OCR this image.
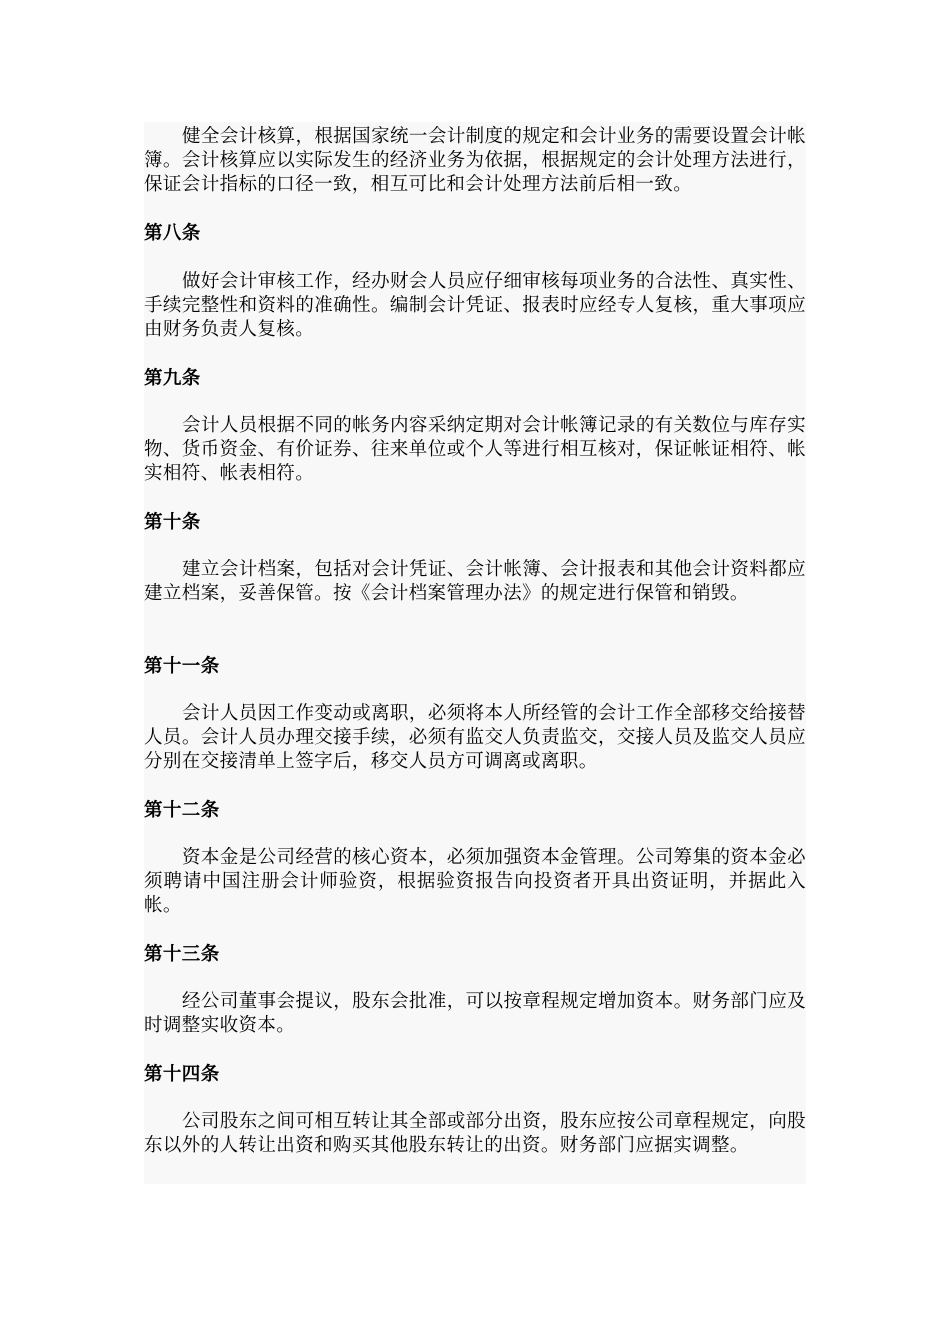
健全会计核算，根据国家统一会计制度的规定和会计业务的需要设置会计帐簿。会计核算应以实际发生的经济业务为依据，根据规定的会计处理方法进行，保证会计指标的口径一致，相互可比和会计处理方法前后相一致。

第八条

做好会计审核工作，经办财会人员应仔细审核每项业务的合法性、真实性、手续完整性和资料的准确性。编制会计凭证、报表时应经专人复核，重大事项应由财务负责人复核。

第九条

会计人员根据不同的帐务内容采纳定期对会计帐簿记录的有关数位与库存实物、货币资金、有价证券、往来单位或个人等进行相互核对，保证帐证相符、帐实相符、帐表相符。

第十条

建立会计档案，包括对会计凭证、会计帐簿、会计报表和其他会计资料都应建立档案，妥善保管。按《会计档案管理办法》的规定进行保管和销毁。

第十一条

会计人员因工作变动或离职，必须将本人所经管的会计工作全部移交给接替人员。会计人员办理交接手续，必须有监交人负责监交，交接人员及监交人员应分别在交接清单上签字后，移交人员方可调离或离职。

第十二条

资本金是公司经营的核心资本，必须加强资本金管理。公司筹集的资本金必须聘请中国注册会计师验资，根据验资报告向投资者开具出资证明，并据此入帐。

第十三条

经公司董事会提议，股东会批准，可以按章程规定增加资本。财务部门应及时调整实收资本。

第十四条

公司股东之间可相互转让其全部或部分出资，股东应按公司章程规定，向股东以外的人转让出资和购买其他股东转让的出资。财务部门应据实调整。
